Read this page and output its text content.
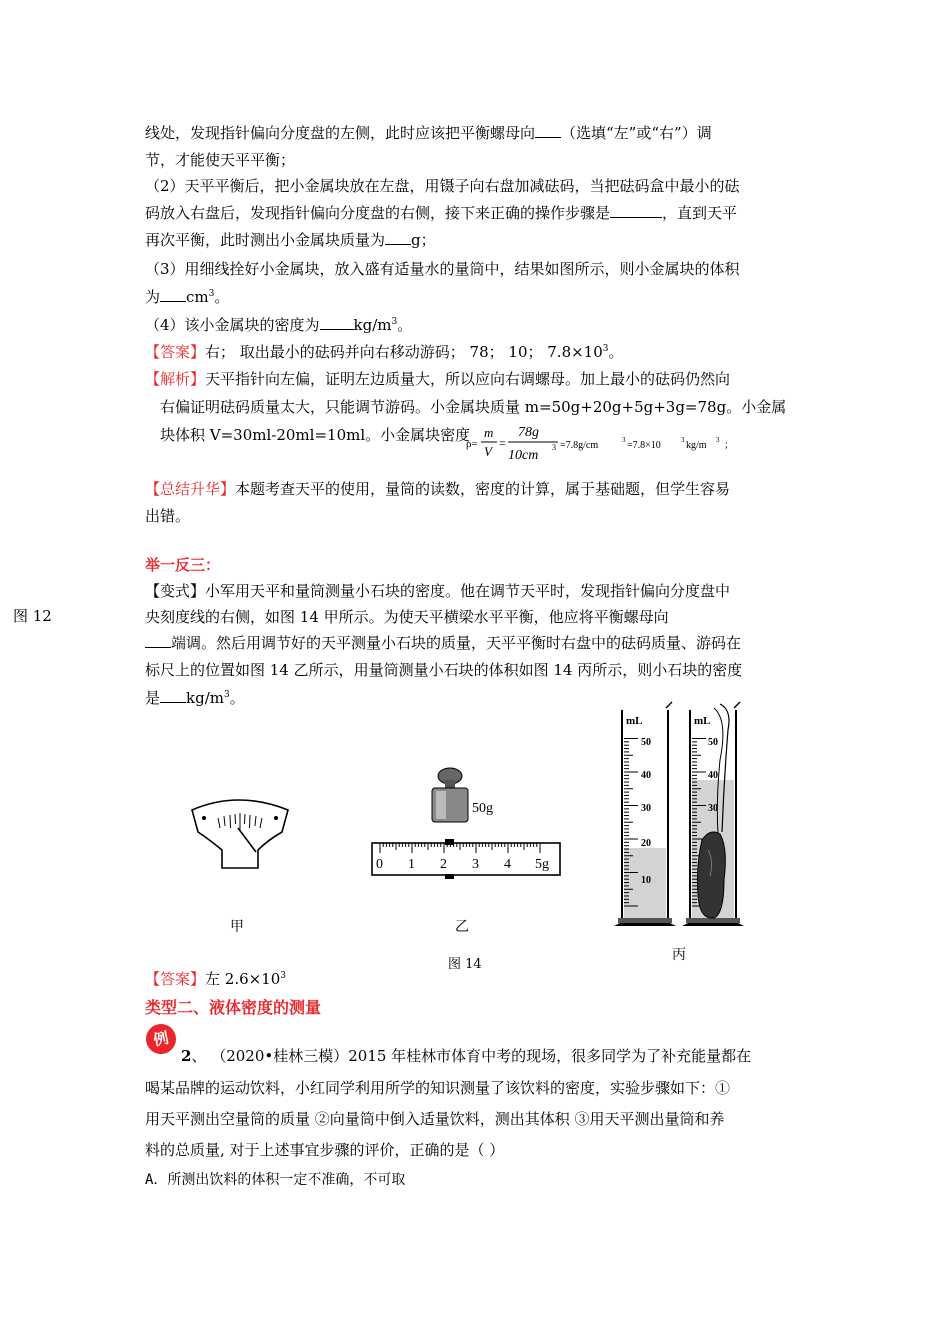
线处，发现指针偏向分度盘的左侧，此时应该把平衡螺母向 （选填“左”或“右”）调
节，才能使天平平衡；
（2）天平平衡后，把小金属块放在左盘，用镊子向右盘加减砝码，当把砝码盒中最小的砝
码放入右盘后，发现指针偏向分度盘的右侧，接下来正确的操作步骤是	，直到天平
再次平衡，此时测出小金属块质量为 g；
（3）用细线拴好小金属块，放入盛有适量水的量筒中，结果如图所示，则小金属块的体积
为 $cm^3$。
（4）该小金属块的密度为 $kg/m^3$。
【答案】右； 取出最小的砝码并向右移动游码； 78； 10； $7.8\times 10^3$。
【解析】天平指针向左偏，证明左边质量大，所以应向右调螺母。加上最小的砝码仍然向
右偏证明砝码质量太大，只能调节游码。小金属块质量 m=50g+20g+5g+3g=78g。小金属
块体积 V=30ml-20ml=10ml。小金属块密度
ρ=
m
V
=
78g
10cm
3 =7.8g/cm	3 =7.8×10	3 kg/m 3 ；
【总结升华】本题考查天平的使用，量筒的读数，密度的计算，属于基础题，但学生容易
出错。
举一反三：
【变式】小军用天平和量筒测量小石块的密度。他在调节天平时，发现指针偏向分度盘中
央刻度线的右侧，如图 14 甲所示。为使天平横梁水平平衡，他应将平衡螺母向
端调。然后用调节好的天平测量小石块的质量，天平平衡时右盘中的砝码质量、游码在
标尺上的位置如图 14 乙所示，用量筒测量小石块的体积如图 14 丙所示，则小石块的密度
是 $kg/m^3$。
图 12
50g
0 1 2 3 4 5g
mL
50
40
30
20
10
mL
50
40
30
甲	乙
丙
图 14
【答案】左 $2.6\times 10^3$
类型二、液体密度的测量
例
2、 （2020•桂林三模）2015 年桂林市体育中考的现场，很多同学为了补充能量都在
喝某品牌的运动饮料，小红同学利用所学的知识测量了该饮料的密度，实验步骤如下：①
用天平测出空量筒的质量 ②向量筒中倒入适量饮料，测出其体积 ③用天平测出量筒和养
料的总质量, 对于上述事宜步骤的评价，正确的是（ ）
A．所测出饮料的体积一定不准确，不可取
